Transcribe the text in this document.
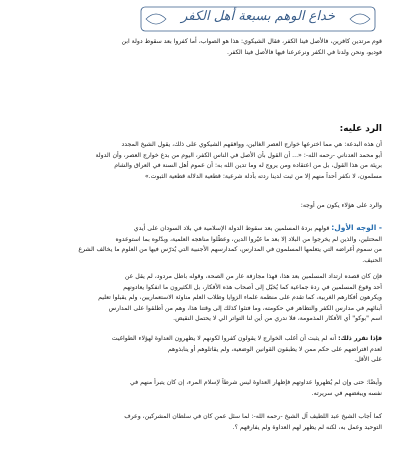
خداع الوهم بسبعة أهل الكفر
قوم مرتدين كافرين، فالأصل فينا الكفر، فقال الشيكوي: هذا هو الصواب، أما كفروا بعد سقوط دولة ابن
فوديو، ونحن ولدنا في الكفر ونرعرعنا فيها فالأصل فينا الكفر.
الرد عليه:
أن هذه البدعة: هي مما اخترعها خوارج العصر الغالين، ووافقهم الشيكوي على ذلك، يقول الشيخ المجدد
أبو محمد العدناني -رحمه الله-: «... أن القول بأن الأصل في الناس الكفر، اليوم من بدع خوارج العصر، وأن الدولة
بريئة من هذا القول، بل من اعتقاده ومن يروج له وما تدين الله به: أن عموم أهل السنة في العراق والشام
مسلمون، لا نكفر أحداً منهم إلا من ثبت لدينا ردته بأدلة شرعية: قطعية الدلالة قطعية الثبوت.»
والرد على هؤلاء يكون من أوجه:
- الوجه الأول: قولهم بردة المسلمين بعد سقوط الدولة الإسلامية في بلاد السودان على أيدي
المحتلين، والذين لم يخرجوا من البلاد إلا بعد ما غيّروا الدين، وعطّلوا مناهجه العلمية، وبدّلوه بما استوعدوه
من سموم أغراضه التي يتعلمها المسلمون في المدارس، كمدارسهم الأجنبية التي يُدرّس فيها من العلوم ما يخالف الشرع
الحنيف.
فإن كان قصده ارتداد المسلمين بعد هذا، فهذا مجازفة عار من الصحة، وقوله باطل مردود، لم يقل عن
أحد وقوع المسلمين في ردة جماعية كما يُخيّل إلى أصحاب هذه الأفكار، بل الكثيرون ما انفكوا يعادونهم
ويكرهون أفكارهم الغربية، كما تقدم على منظمة علماء الزوايا وطلاب العلم مناوئة الاستعماريين، ولم يقبلوا تعليم
أبنائهم في مدارس الكفر والتظاهر في حكومته، وما فتئوا كذلك إلى وقتنا هذا، وهم من أطلقوا على المدارس
اسم "بوكو" أي الأفكار المذمومة، فلا ندري من أين لنا التواتر الي لا يحتمل النقيض.
فإذا تقرر ذلك: أنه لم يثبت أن أغلب الخوارج لا يقولون كفروا لكونهم لا يظهرون العداوة لهؤلاء الطواغيت
لعدم افتراضهم على حكم ممن لا يطبقون القوانين الوضعية، ولم يقاتلوهم أو ينابذوهم
على الأقل.
وأيضًا: حتى وإن لم يُظهروا عداوتهم فإظهار العداوة ليس شرطاً لإسلام المرء، إن كان يتبرأ منهم في
نفسه ويبغضهم في سريرته.
كما أجاب الشيخ عبد اللطيف آل الشيخ -رحمه الله-: لما سئل عمن كان في سلطان المشركين، وعرف
التوحيد وعمل به، لكنه لم يظهر لهم العداوة ولم يفارقهم ؟.
